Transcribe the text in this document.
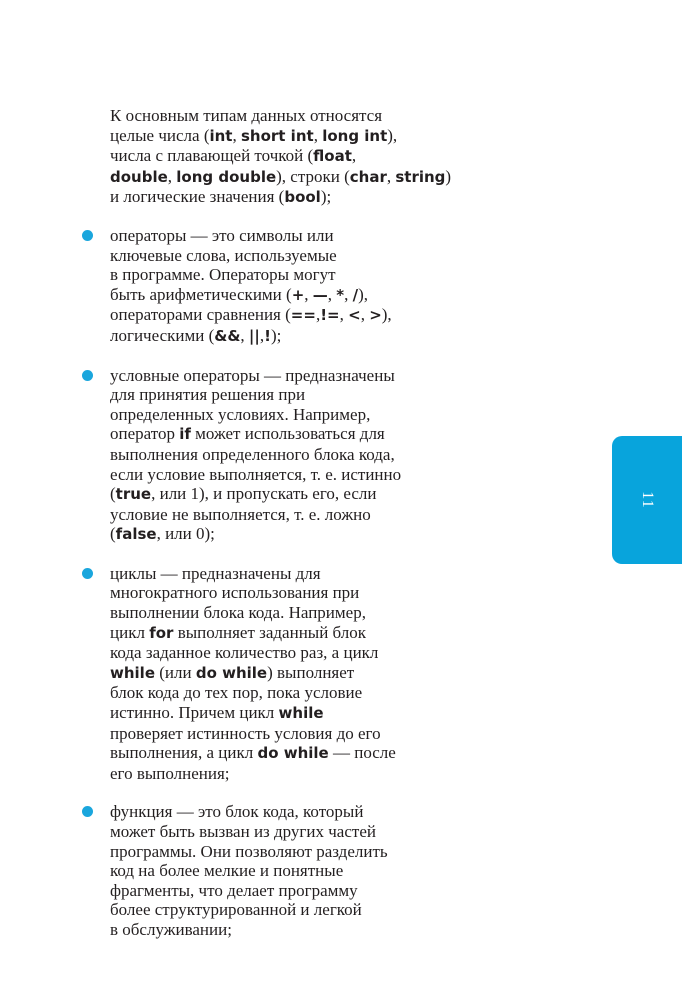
К основным типам данных относятся
целые числа (int, short int, long int),
числа с плавающей точкой (float,
double, long double), строки (char, string)
и логические значения (bool);

операторы — это символы или
ключевые слова, используемые
в программе. Операторы могут
быть арифметическими (+, —, *, /),
операторами сравнения (==,!=, <, >),
логическими (&&, ||,!);
условные операторы — предназначены
для принятия решения при
определенных условиях. Например,
оператор if может использоваться для
выполнения определенного блока кода,
если условие выполняется, т. е. истинно
(true, или 1), и пропускать его, если
условие не выполняется, т. е. ложно
(false, или 0);
циклы — предназначены для
многократного использования при
выполнении блока кода. Например,
цикл for выполняет заданный блок
кода заданное количество раз, а цикл
while (или do while) выполняет
блок кода до тех пор, пока условие
истинно. Причем цикл while
проверяет истинность условия до его
выполнения, а цикл do while — после
его выполнения;
функция — это блок кода, который
может быть вызван из других частей
программы. Они позволяют разделить
код на более мелкие и понятные
фрагменты, что делает программу
более структурированной и легкой
в обслуживании;
11
